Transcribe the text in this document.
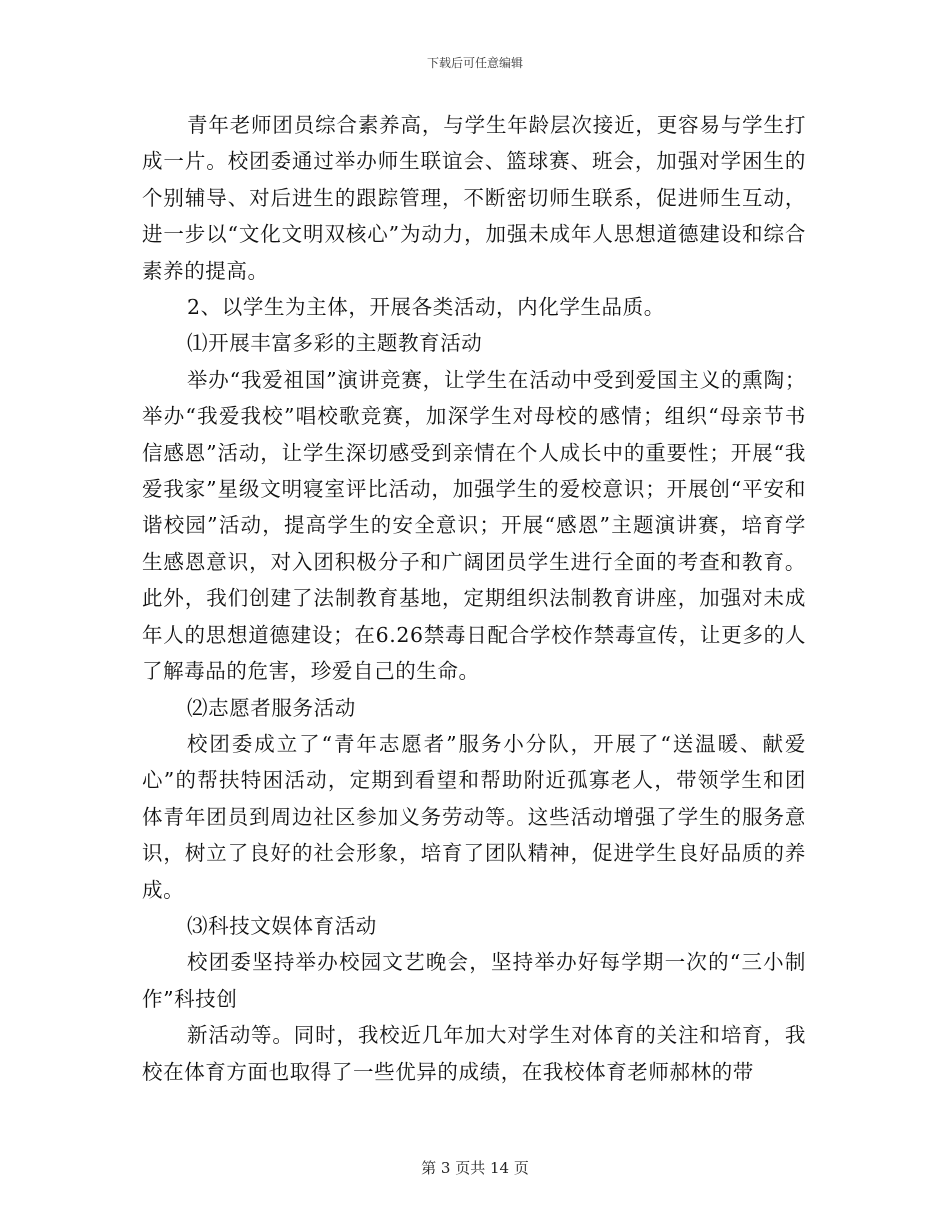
下载后可任意编辑

青年老师团员综合素养高，与学生年龄层次接近，更容易与学生打成一片。校团委通过举办师生联谊会、篮球赛、班会，加强对学困生的个别辅导、对后进生的跟踪管理，不断密切师生联系，促进师生互动，进一步以“文化文明双核心”为动力，加强未成年人思想道德建设和综合素养的提高。

2、以学生为主体，开展各类活动，内化学生品质。

⑴开展丰富多彩的主题教育活动

举办“我爱祖国”演讲竞赛，让学生在活动中受到爱国主义的熏陶；举办“我爱我校”唱校歌竞赛，加深学生对母校的感情；组织“母亲节书信感恩”活动，让学生深切感受到亲情在个人成长中的重要性；开展“我爱我家”星级文明寝室评比活动，加强学生的爱校意识；开展创“平安和谐校园”活动，提高学生的安全意识；开展“感恩”主题演讲赛，培育学生感恩意识，对入团积极分子和广阔团员学生进行全面的考查和教育。此外，我们创建了法制教育基地，定期组织法制教育讲座，加强对未成年人的思想道德建设；在6.26禁毒日配合学校作禁毒宣传，让更多的人了解毒品的危害，珍爱自己的生命。

⑵志愿者服务活动

校团委成立了“青年志愿者”服务小分队，开展了“送温暖、献爱心”的帮扶特困活动，定期到看望和帮助附近孤寡老人，带领学生和团体青年团员到周边社区参加义务劳动等。这些活动增强了学生的服务意识，树立了良好的社会形象，培育了团队精神，促进学生良好品质的养成。

⑶科技文娱体育活动

校团委坚持举办校园文艺晚会，坚持举办好每学期一次的“三小制作”科技创

新活动等。同时，我校近几年加大对学生对体育的关注和培育，我校在体育方面也取得了一些优异的成绩，在我校体育老师郝林的带

第 3 页共 14 页
